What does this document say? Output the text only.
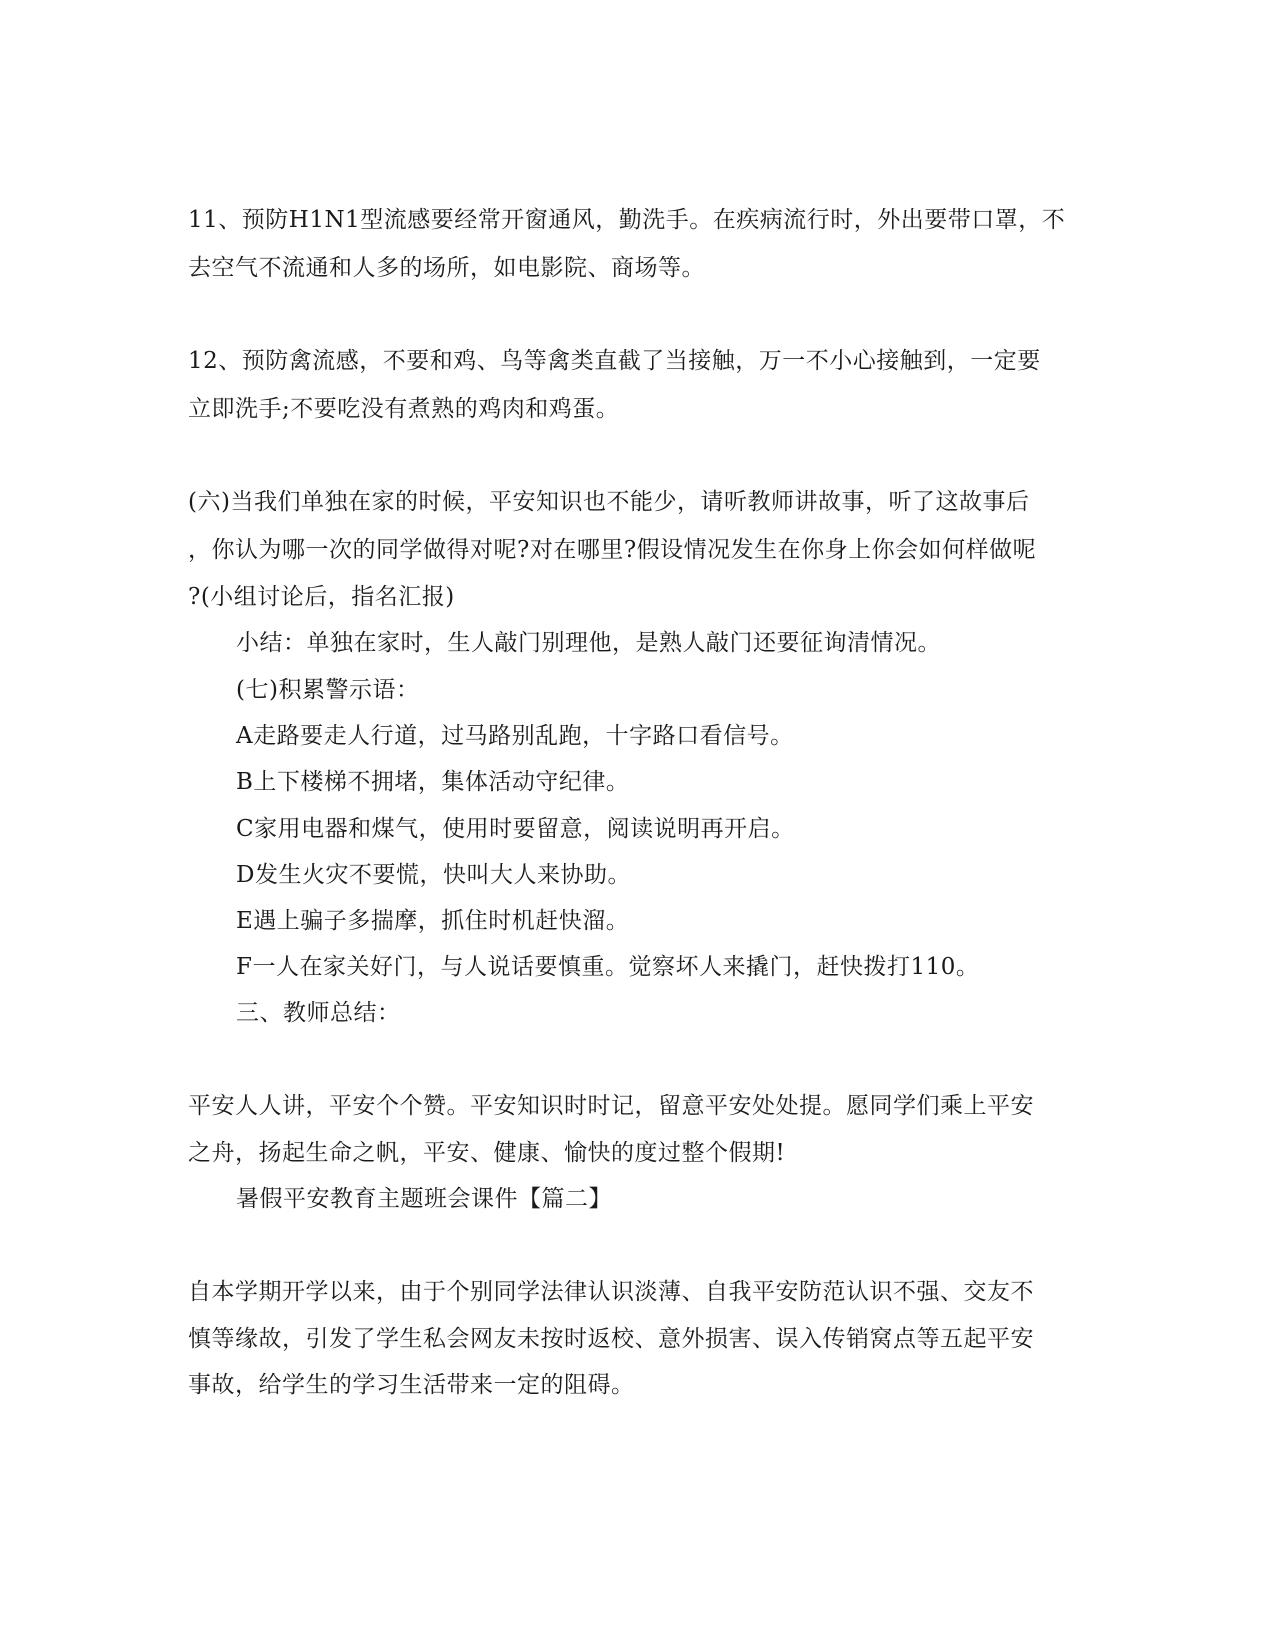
11、预防H1N1型流感要经常开窗通风，勤洗手。在疾病流行时，外出要带口罩，不
去空气不流通和人多的场所，如电影院、商场等。
12、预防禽流感，不要和鸡、鸟等禽类直截了当接触，万一不小心接触到，一定要
立即洗手;不要吃没有煮熟的鸡肉和鸡蛋。
(六)当我们单独在家的时候，平安知识也不能少，请听教师讲故事，听了这故事后
，你认为哪一次的同学做得对呢?对在哪里?假设情况发生在你身上你会如何样做呢
?(小组讨论后，指名汇报)
小结：单独在家时，生人敲门别理他，是熟人敲门还要征询清情况。
(七)积累警示语：
A走路要走人行道，过马路别乱跑，十字路口看信号。
B上下楼梯不拥堵，集体活动守纪律。
C家用电器和煤气，使用时要留意，阅读说明再开启。
D发生火灾不要慌，快叫大人来协助。
E遇上骗子多揣摩，抓住时机赶快溜。
F一人在家关好门，与人说话要慎重。觉察坏人来撬门，赶快拨打110。
三、教师总结：
平安人人讲，平安个个赞。平安知识时时记，留意平安处处提。愿同学们乘上平安
之舟，扬起生命之帆，平安、健康、愉快的度过整个假期!
暑假平安教育主题班会课件【篇二】
自本学期开学以来，由于个别同学法律认识淡薄、自我平安防范认识不强、交友不
慎等缘故，引发了学生私会网友未按时返校、意外损害、误入传销窝点等五起平安
事故，给学生的学习生活带来一定的阻碍。
